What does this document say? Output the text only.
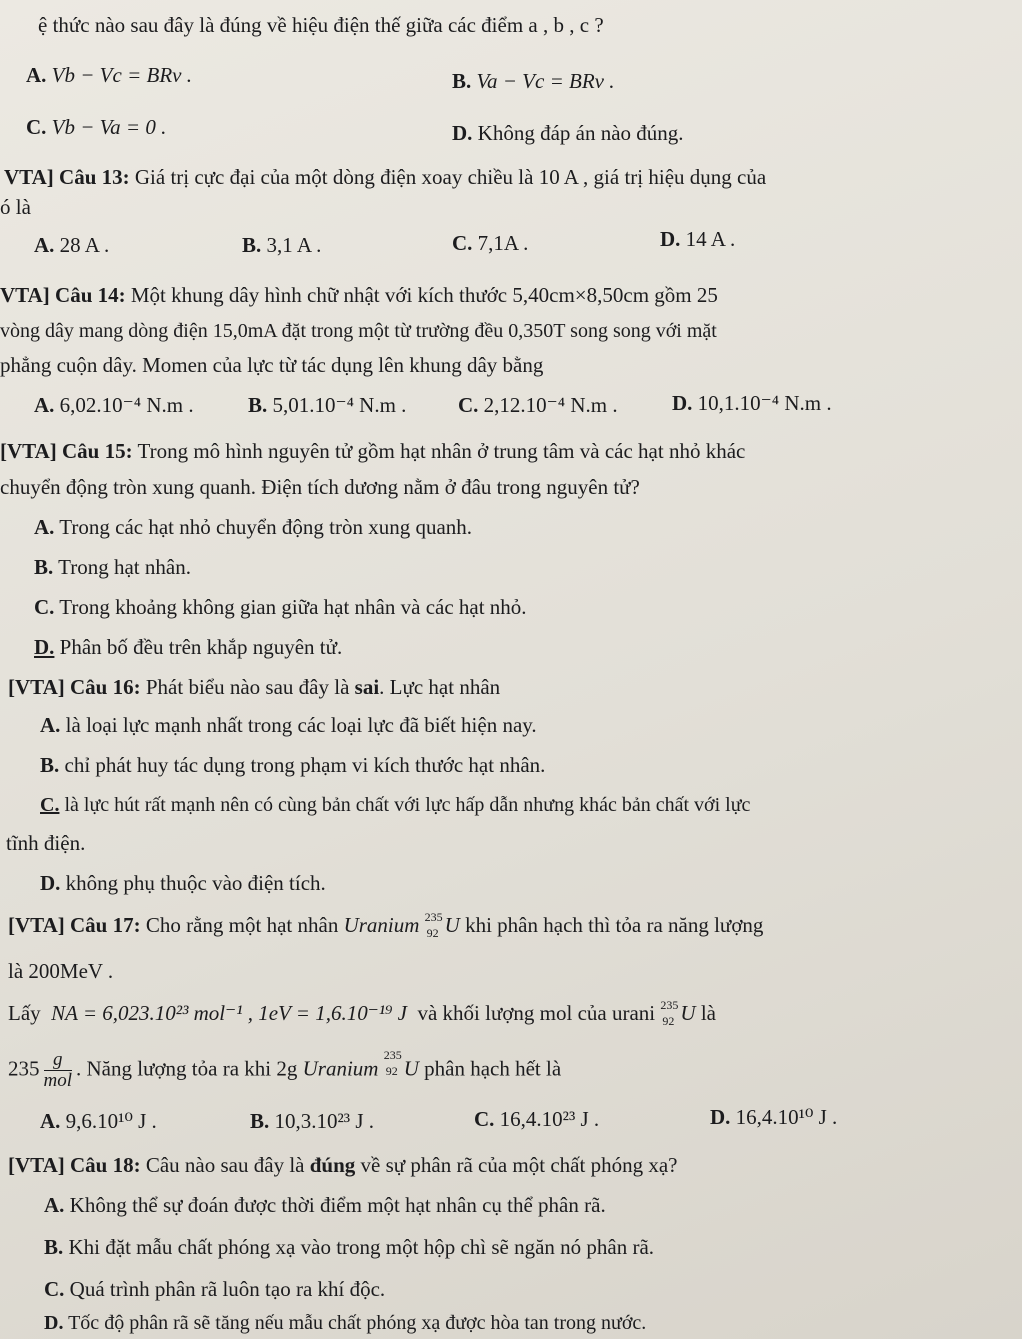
ệ thức nào sau đây là đúng về hiệu điện thế giữa các điểm a , b , c ?
A. Vb − Vc = BRv .	B. Va − Vc = BRv .
C. Vb − Va = 0 .	D. Không đáp án nào đúng.
VTA] Câu 13: Giá trị cực đại của một dòng điện xoay chiều là 10 A , giá trị hiệu dụng của
ó là
A. 28 A .	B. 3,1 A .	C. 7,1A .	D. 14 A .
VTA] Câu 14: Một khung dây hình chữ nhật với kích thước 5,40cm×8,50cm gồm 25
vòng dây mang dòng điện 15,0mA đặt trong một từ trường đều 0,350T song song với mặt
phẳng cuộn dây. Momen của lực từ tác dụng lên khung dây bằng
A. 6,02.10⁻⁴ N.m .	B. 5,01.10⁻⁴ N.m . C. 2,12.10⁻⁴ N.m .	D. 10,1.10⁻⁴ N.m .
[VTA] Câu 15: Trong mô hình nguyên tử gồm hạt nhân ở trung tâm và các hạt nhỏ khác
chuyển động tròn xung quanh. Điện tích dương nằm ở đâu trong nguyên tử?
A. Trong các hạt nhỏ chuyển động tròn xung quanh.
B. Trong hạt nhân.
C. Trong khoảng không gian giữa hạt nhân và các hạt nhỏ.
D. Phân bố đều trên khắp nguyên tử.
[VTA] Câu 16: Phát biểu nào sau đây là sai. Lực hạt nhân
A. là loại lực mạnh nhất trong các loại lực đã biết hiện nay.
B. chỉ phát huy tác dụng trong phạm vi kích thước hạt nhân.
C. là lực hút rất mạnh nên có cùng bản chất với lực hấp dẫn nhưng khác bản chất với lực
tĩnh điện.
D. không phụ thuộc vào điện tích.
[VTA] Câu 17: Cho rằng một hạt nhân Uranium 235
92 U khi phân hạch thì tỏa ra năng lượng
là 200MeV .
Lấy NA = 6,023.10²³ mol⁻¹ , 1eV = 1,6.10⁻¹⁹ J và khối lượng mol của urani 235
92 U là
$235 \frac{g}{\text{mol}}$ . Năng lượng tỏa ra khi 2g Uranium
235
92 U phân hạch hết là
A. 9,6.10¹⁰ J .	B. 10,3.10²³ J .	C. 16,4.10²³ J .	D. 16,4.10¹⁰ J .
[VTA] Câu 18: Câu nào sau đây là đúng về sự phân rã của một chất phóng xạ?
A. Không thể sự đoán được thời điểm một hạt nhân cụ thể phân rã.
B. Khi đặt mẫu chất phóng xạ vào trong một hộp chì sẽ ngăn nó phân rã.
C. Quá trình phân rã luôn tạo ra khí độc.
D. Tốc độ phân rã sẽ tăng nếu mẫu chất phóng xạ được hòa tan trong nước.
